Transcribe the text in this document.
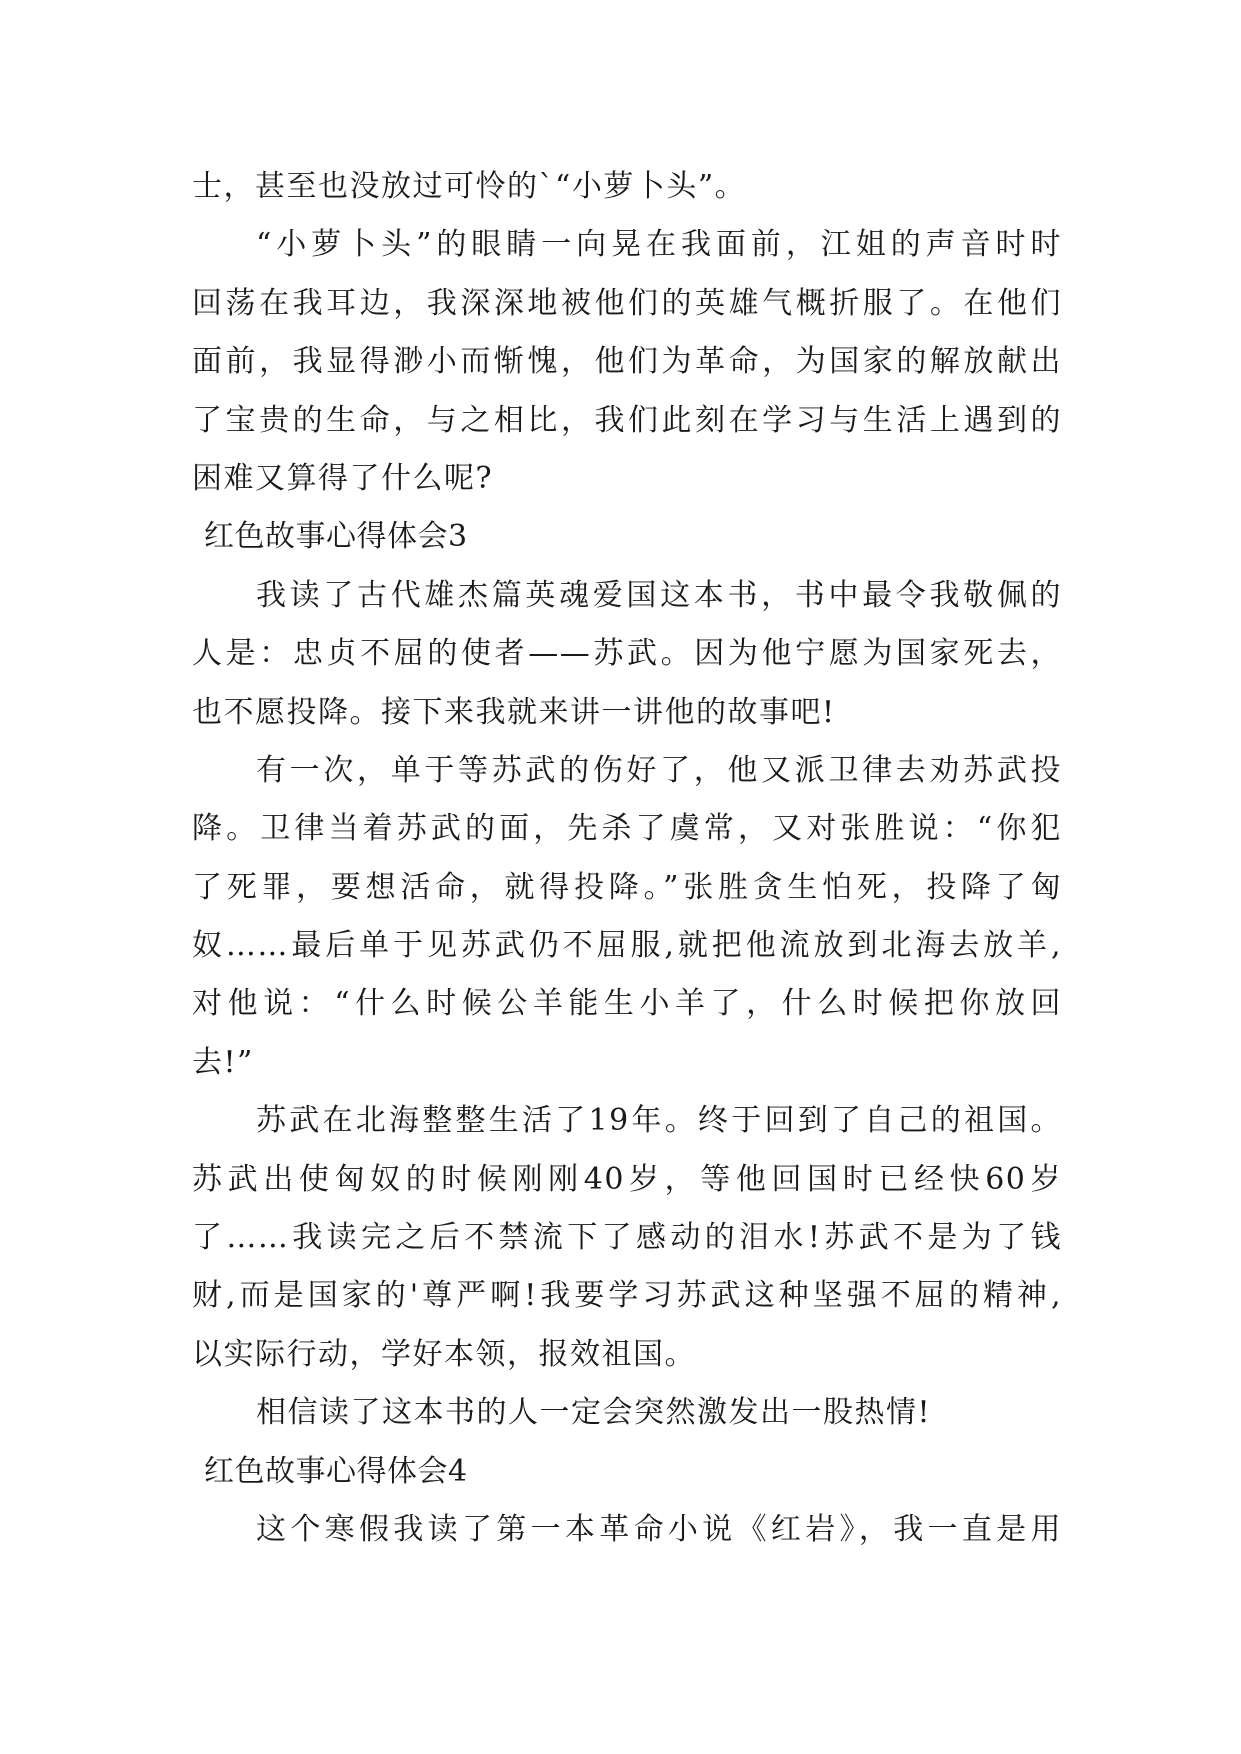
士，甚至也没放过可怜的`“小萝卜头”。
“小萝卜头”的眼睛一向晃在我面前，江姐的声音时时
回荡在我耳边，我深深地被他们的英雄气概折服了。在他们
面前，我显得渺小而惭愧，他们为革命，为国家的解放献出
了宝贵的生命，与之相比，我们此刻在学习与生活上遇到的
困难又算得了什么呢?
红色故事心得体会3
我读了古代雄杰篇英魂爱国这本书，书中最令我敬佩的
人是：忠贞不屈的使者——苏武。因为他宁愿为国家死去，
也不愿投降。接下来我就来讲一讲他的故事吧!
有一次，单于等苏武的伤好了，他又派卫律去劝苏武投
降。卫律当着苏武的面，先杀了虞常，又对张胜说：“你犯
了死罪，要想活命，就得投降。”张胜贪生怕死，投降了匈
奴……最后单于见苏武仍不屈服,就把他流放到北海去放羊,
对他说：“什么时候公羊能生小羊了，什么时候把你放回
去!”
苏武在北海整整生活了19年。终于回到了自己的祖国。
苏武出使匈奴的时候刚刚40岁，等他回国时已经快60岁
了……我读完之后不禁流下了感动的泪水!苏武不是为了钱
财,而是国家的'尊严啊!我要学习苏武这种坚强不屈的精神,
以实际行动，学好本领，报效祖国。
相信读了这本书的人一定会突然激发出一股热情!
红色故事心得体会4
这个寒假我读了第一本革命小说《红岩》，我一直是用
